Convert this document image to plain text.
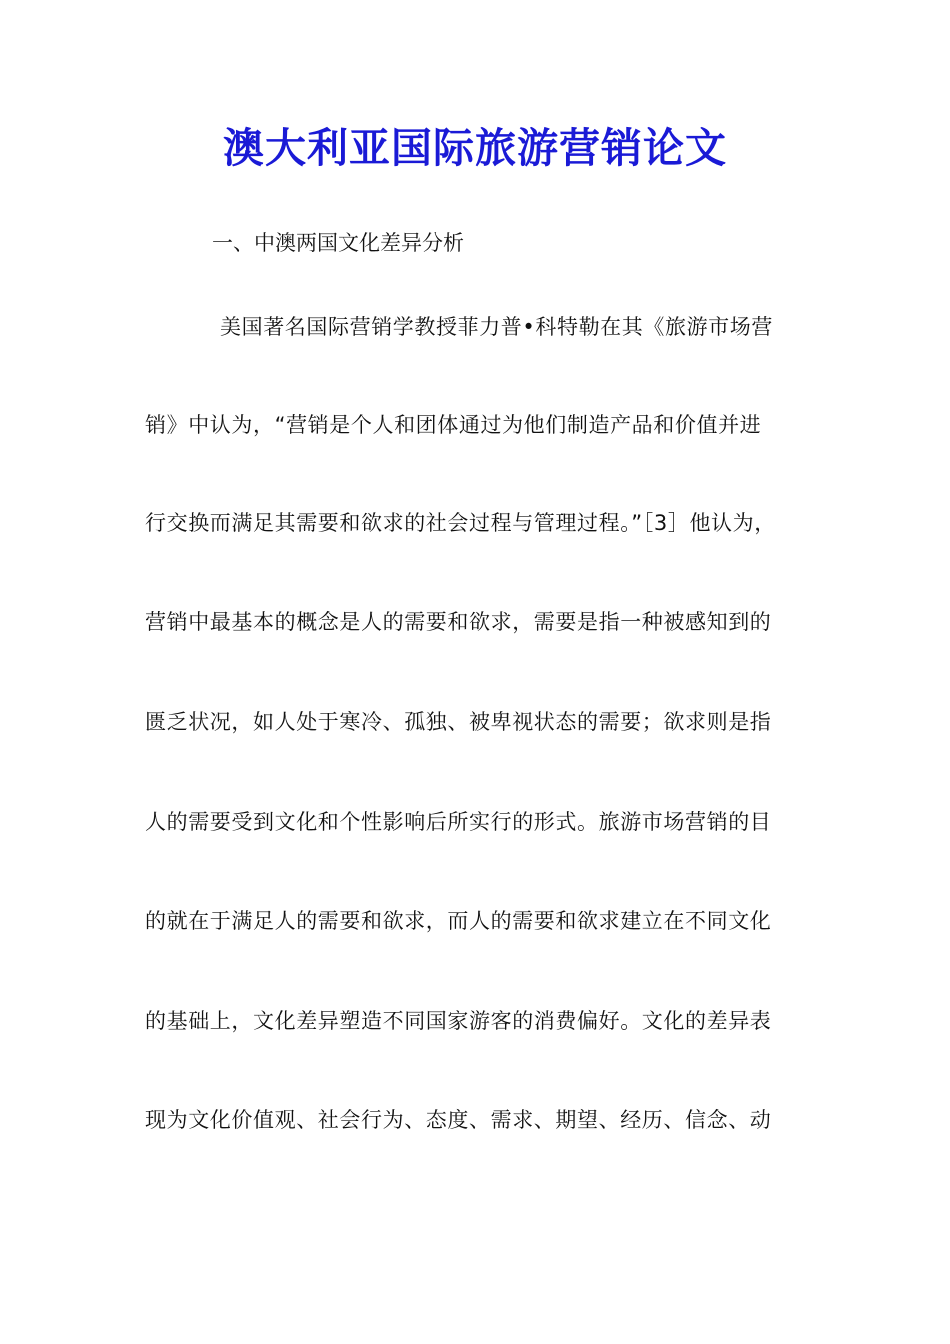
澳大利亚国际旅游营销论文
一、中澳两国文化差异分析
美国著名国际营销学教授菲力普•科特勒在其《旅游市场营
销》中认为，“营销是个人和团体通过为他们制造产品和价值并进
行交换而满足其需要和欲求的社会过程与管理过程。”［3］他认为，
营销中最基本的概念是人的需要和欲求，需要是指一种被感知到的
匮乏状况，如人处于寒冷、孤独、被卑视状态的需要；欲求则是指
人的需要受到文化和个性影响后所实行的形式。旅游市场营销的目
的就在于满足人的需要和欲求，而人的需要和欲求建立在不同文化
的基础上，文化差异塑造不同国家游客的消费偏好。文化的差异表
现为文化价值观、社会行为、态度、需求、期望、经历、信念、动
